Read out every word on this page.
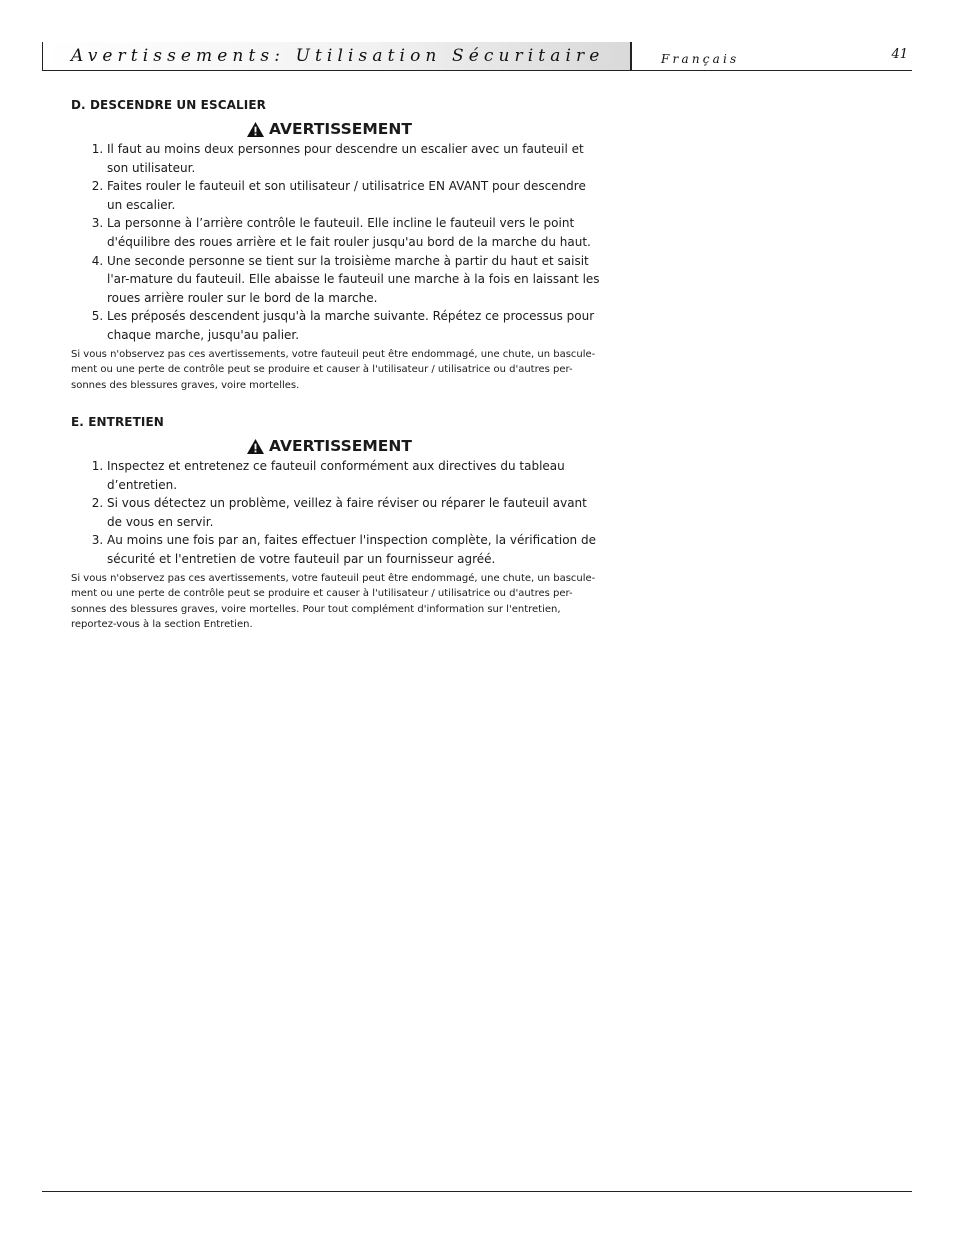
Avertissements: Utilisation Sécuritaire	Français	41

D. DESCENDRE UN ESCALIER

AVERTISSEMENT
1. Il faut au moins deux personnes pour descendre un escalier avec un fauteuil et son utilisateur.
2. Faites rouler le fauteuil et son utilisateur / utilisatrice EN AVANT pour descendre un escalier.
3. La personne à l’arrière contrôle le fauteuil. Elle incline le fauteuil vers le point d'équilibre des roues arrière et le fait rouler jusqu'au bord de la marche du haut.
4. Une seconde personne se tient sur la troisième marche à partir du haut et saisit l'ar-mature du fauteuil. Elle abaisse le fauteuil une marche à la fois en laissant les roues arrière rouler sur le bord de la marche.
5. Les préposés descendent jusqu'à la marche suivante. Répétez ce processus pour chaque marche, jusqu'au palier.
Si vous n'observez pas ces avertissements, votre fauteuil peut être endommagé, une chute, un bascule-ment ou une perte de contrôle peut se produire et causer à l'utilisateur / utilisatrice ou d'autres per-sonnes des blessures graves, voire mortelles.

E. ENTRETIEN

AVERTISSEMENT
1. Inspectez et entretenez ce fauteuil conformément aux directives du tableau d’entretien.
2. Si vous détectez un problème, veillez à faire réviser ou réparer le fauteuil avant de vous en servir.
3. Au moins une fois par an, faites effectuer l'inspection complète, la vérification de sécurité et l'entretien de votre fauteuil par un fournisseur agréé.
Si vous n'observez pas ces avertissements, votre fauteuil peut être endommagé, une chute, un bascule-ment ou une perte de contrôle peut se produire et causer à l'utilisateur / utilisatrice ou d'autres per-sonnes des blessures graves, voire mortelles. Pour tout complément d'information sur l'entretien, reportez-vous à la section Entretien.
